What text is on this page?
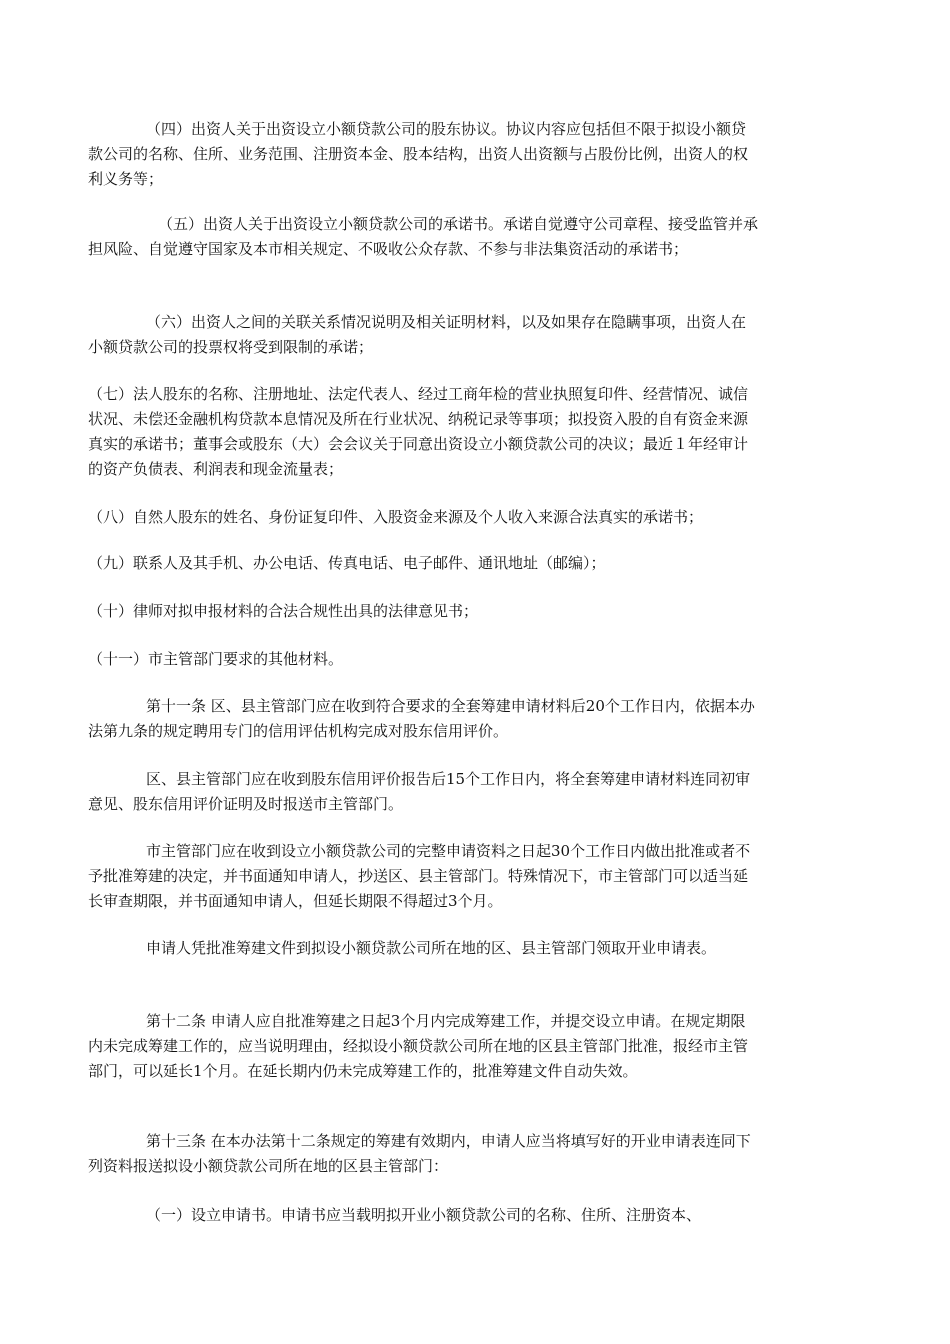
（四）出资人关于出资设立小额贷款公司的股东协议。协议内容应包括但不限于拟设小额贷款公司的名称、住所、业务范围、注册资本金、股本结构，出资人出资额与占股份比例，出资人的权利义务等；

（五）出资人关于出资设立小额贷款公司的承诺书。承诺自觉遵守公司章程、接受监管并承担风险、自觉遵守国家及本市相关规定、不吸收公众存款、不参与非法集资活动的承诺书；

（六）出资人之间的关联关系情况说明及相关证明材料，以及如果存在隐瞒事项，出资人在小额贷款公司的投票权将受到限制的承诺；

（七）法人股东的名称、注册地址、法定代表人、经过工商年检的营业执照复印件、经营情况、诚信状况、未偿还金融机构贷款本息情况及所在行业状况、纳税记录等事项；拟投资入股的自有资金来源真实的承诺书；董事会或股东（大）会会议关于同意出资设立小额贷款公司的决议；最近１年经审计的资产负债表、利润表和现金流量表；

（八）自然人股东的姓名、身份证复印件、入股资金来源及个人收入来源合法真实的承诺书；

（九）联系人及其手机、办公电话、传真电话、电子邮件、通讯地址（邮编）；

（十）律师对拟申报材料的合法合规性出具的法律意见书；

（十一）市主管部门要求的其他材料。

第十一条 区、县主管部门应在收到符合要求的全套筹建申请材料后20个工作日内，依据本办法第九条的规定聘用专门的信用评估机构完成对股东信用评价。

区、县主管部门应在收到股东信用评价报告后15个工作日内，将全套筹建申请材料连同初审意见、股东信用评价证明及时报送市主管部门。

市主管部门应在收到设立小额贷款公司的完整申请资料之日起30个工作日内做出批准或者不予批准筹建的决定，并书面通知申请人，抄送区、县主管部门。特殊情况下，市主管部门可以适当延长审查期限，并书面通知申请人，但延长期限不得超过3个月。

申请人凭批准筹建文件到拟设小额贷款公司所在地的区、县主管部门领取开业申请表。

第十二条 申请人应自批准筹建之日起3个月内完成筹建工作，并提交设立申请。在规定期限内未完成筹建工作的，应当说明理由，经拟设小额贷款公司所在地的区县主管部门批准，报经市主管部门，可以延长1个月。在延长期内仍未完成筹建工作的，批准筹建文件自动失效。

第十三条 在本办法第十二条规定的筹建有效期内，申请人应当将填写好的开业申请表连同下列资料报送拟设小额贷款公司所在地的区县主管部门：

（一）设立申请书。申请书应当载明拟开业小额贷款公司的名称、住所、注册资本、
